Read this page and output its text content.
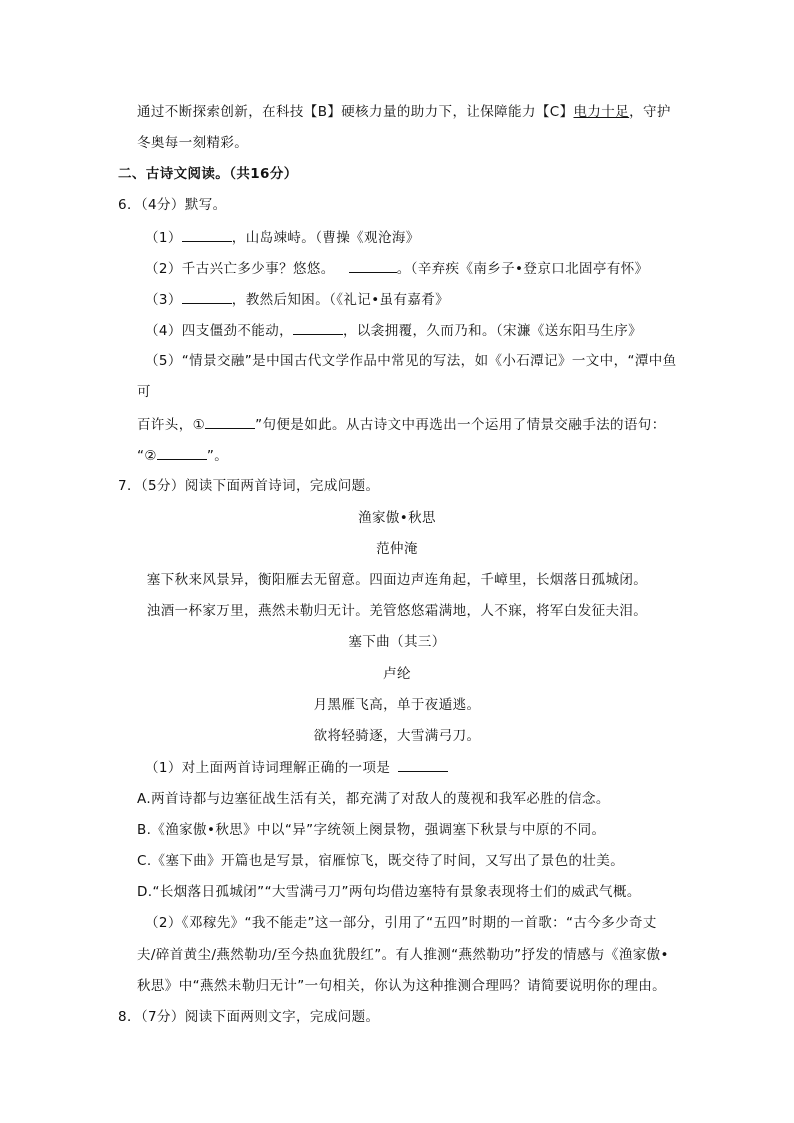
通过不断探索创新，在科技【B】硬核力量的助力下，让保障能力【C】电力十足，守护
冬奥每一刻精彩。
二、古诗文阅读。（共16分）
6．（4分）默写。
（1）	，山岛竦峙。（曹操《观沧海》
（2）千古兴亡多少事？悠悠。	。（辛弃疾《南乡子•登京口北固亭有怀》
（3）	，教然后知困。（《礼记•虽有嘉肴》
（4）四支僵劲不能动，	，以衾拥覆，久而乃和。（宋濂《送东阳马生序》
（5）“情景交融”是中国古代文学作品中常见的写法，如《小石潭记》一文中，“潭中鱼
可
百许头，①	”句便是如此。从古诗文中再选出一个运用了情景交融手法的语句：
“②	”。
7．（5分）阅读下面两首诗词，完成问题。
渔家傲•秋思
范仲淹
塞下秋来风景异，衡阳雁去无留意。四面边声连角起，千嶂里，长烟落日孤城闭。
浊酒一杯家万里，燕然未勒归无计。羌管悠悠霜满地，人不寐，将军白发征夫泪。
塞下曲（其三）
卢纶
月黑雁飞高，单于夜遁逃。
欲将轻骑逐，大雪满弓刀。
（1）对上面两首诗词理解正确的一项是
A.两首诗都与边塞征战生活有关，都充满了对敌人的蔑视和我军必胜的信念。
B.《渔家傲•秋思》中以“异”字统领上阕景物，强调塞下秋景与中原的不同。
C.《塞下曲》开篇也是写景，宿雁惊飞，既交待了时间，又写出了景色的壮美。
D.“长烟落日孤城闭”“大雪满弓刀”两句均借边塞特有景象表现将士们的威武气概。
（2）《邓稼先》“我不能走”这一部分，引用了“五四”时期的一首歌：“古今多少奇丈
夫/碎首黄尘/燕然勒功/至今热血犹殷红”。有人推测“燕然勒功”抒发的情感与《渔家傲•
秋思》中“燕然未勒归无计”一句相关，你认为这种推测合理吗？请简要说明你的理由。
8．（7分）阅读下面两则文字，完成问题。
